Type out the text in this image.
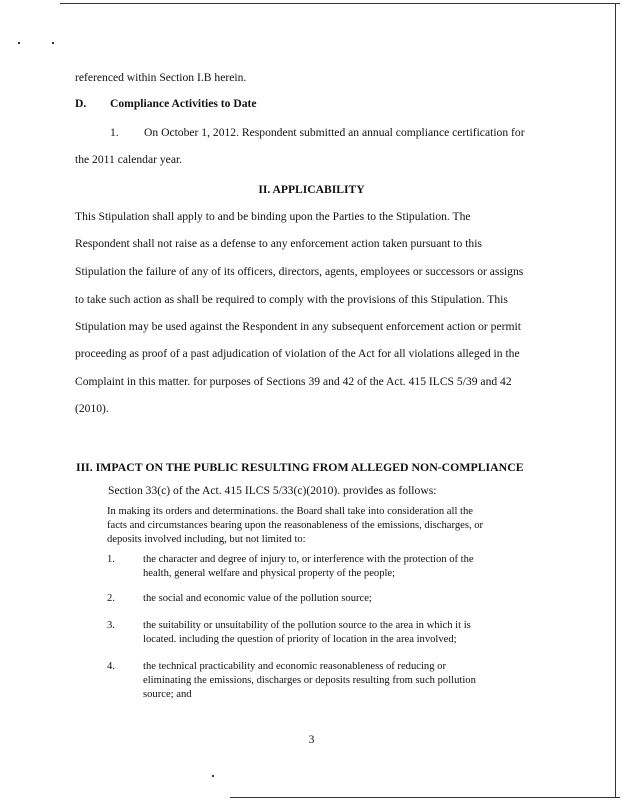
referenced within Section I.B herein.
D. Compliance Activities to Date
1. On October 1, 2012. Respondent submitted an annual compliance certification for
the 2011 calendar year.
II. APPLICABILITY
This Stipulation shall apply to and be binding upon the Parties to the Stipulation. The
Respondent shall not raise as a defense to any enforcement action taken pursuant to this
Stipulation the failure of any of its officers, directors, agents, employees or successors or assigns
to take such action as shall be required to comply with the provisions of this Stipulation. This
Stipulation may be used against the Respondent in any subsequent enforcement action or permit
proceeding as proof of a past adjudication of violation of the Act for all violations alleged in the
Complaint in this matter. for purposes of Sections 39 and 42 of the Act. 415 ILCS 5/39 and 42
(2010).
III. IMPACT ON THE PUBLIC RESULTING FROM ALLEGED NON-COMPLIANCE
Section 33(c) of the Act. 415 ILCS 5/33(c)(2010). provides as follows:
In making its orders and determinations. the Board shall take into consideration all the
facts and circumstances bearing upon the reasonableness of the emissions, discharges, or
deposits involved including, but not limited to:
1.	the character and degree of injury to, or interference with the protection of the
health, general welfare and physical property of the people;
2.	the social and economic value of the pollution source;
3.	the suitability or unsuitability of the pollution source to the area in which it is
located. including the question of priority of location in the area involved;
4.	the technical practicability and economic reasonableness of reducing or
eliminating the emissions, discharges or deposits resulting from such pollution
source; and
3
